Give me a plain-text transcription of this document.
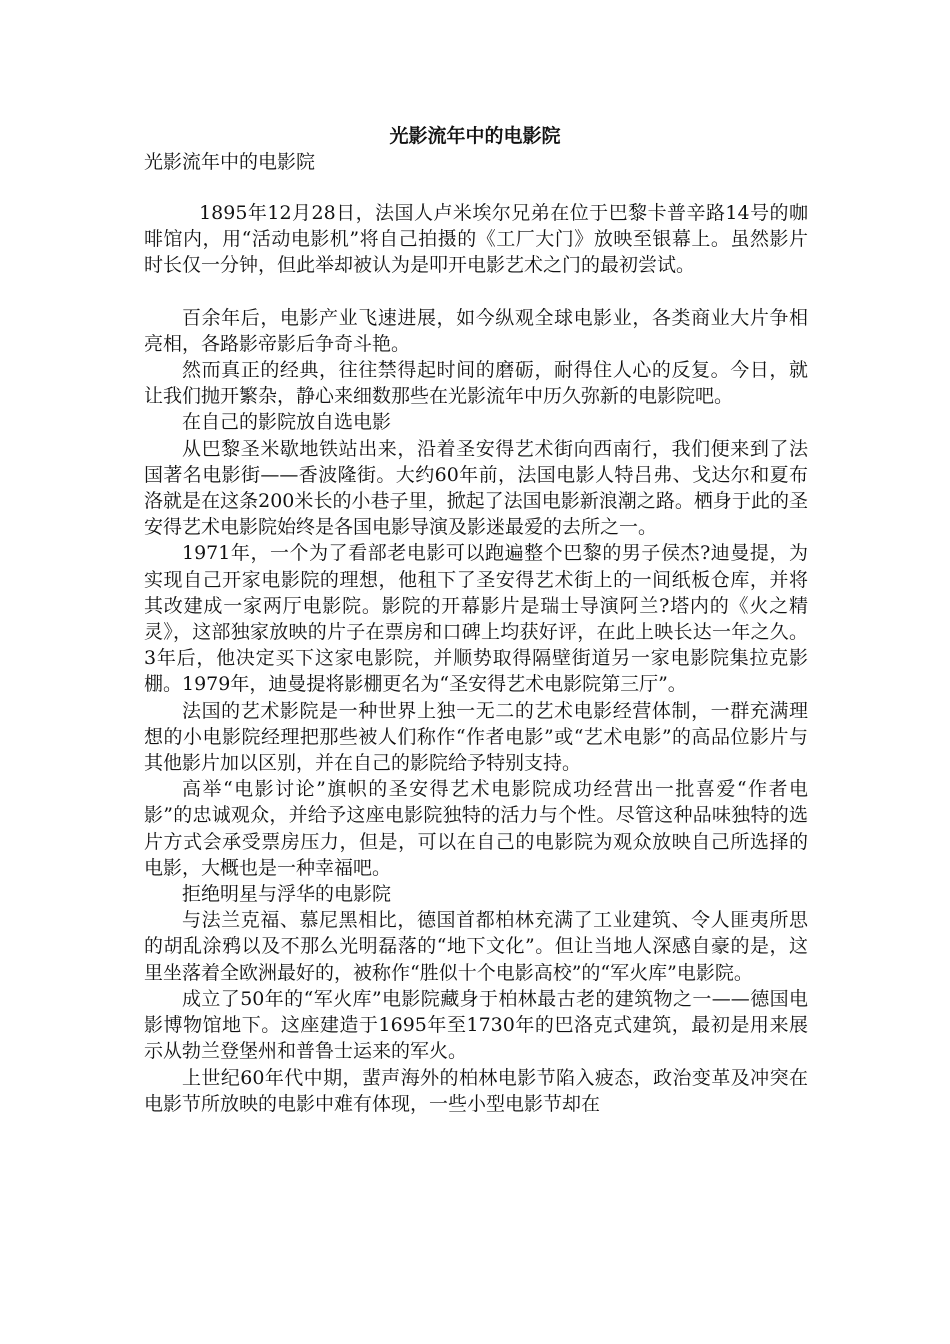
光影流年中的电影院
光影流年中的电影院

1895年12月28日，法国人卢米埃尔兄弟在位于巴黎卡普辛路14号的咖啡馆内，用“活动电影机”将自己拍摄的《工厂大门》放映至银幕上。虽然影片时长仅一分钟，但此举却被认为是叩开电影艺术之门的最初尝试。

百余年后，电影产业飞速进展，如今纵观全球电影业，各类商业大片争相亮相，各路影帝影后争奇斗艳。

然而真正的经典，往往禁得起时间的磨砺，耐得住人心的反复。今日，就让我们抛开繁杂，静心来细数那些在光影流年中历久弥新的电影院吧。

在自己的影院放自选电影

从巴黎圣米歇地铁站出来，沿着圣安得艺术街向西南行，我们便来到了法国著名电影街——香波隆街。大约60年前，法国电影人特吕弗、戈达尔和夏布洛就是在这条200米长的小巷子里，掀起了法国电影新浪潮之路。栖身于此的圣安得艺术电影院始终是各国电影导演及影迷最爱的去所之一。

1971年，一个为了看部老电影可以跑遍整个巴黎的男子侯杰?迪曼提，为实现自己开家电影院的理想，他租下了圣安得艺术街上的一间纸板仓库，并将其改建成一家两厅电影院。影院的开幕影片是瑞士导演阿兰?塔内的《火之精灵》，这部独家放映的片子在票房和口碑上均获好评，在此上映长达一年之久。3年后，他决定买下这家电影院，并顺势取得隔壁街道另一家电影院集拉克影棚。1979年，迪曼提将影棚更名为“圣安得艺术电影院第三厅”。

法国的艺术影院是一种世界上独一无二的艺术电影经营体制，一群充满理想的小电影院经理把那些被人们称作“作者电影”或“艺术电影”的高品位影片与其他影片加以区别，并在自己的影院给予特别支持。

高举“电影讨论”旗帜的圣安得艺术电影院成功经营出一批喜爱“作者电影”的忠诚观众，并给予这座电影院独特的活力与个性。尽管这种品味独特的选片方式会承受票房压力，但是，可以在自己的电影院为观众放映自己所选择的电影，大概也是一种幸福吧。

拒绝明星与浮华的电影院

与法兰克福、慕尼黑相比，德国首都柏林充满了工业建筑、令人匪夷所思的胡乱涂鸦以及不那么光明磊落的“地下文化”。但让当地人深感自豪的是，这里坐落着全欧洲最好的，被称作“胜似十个电影高校”的“军火库”电影院。

成立了50年的“军火库”电影院藏身于柏林最古老的建筑物之一——德国电影博物馆地下。这座建造于1695年至1730年的巴洛克式建筑，最初是用来展示从勃兰登堡州和普鲁士运来的军火。

上世纪60年代中期，蜚声海外的柏林电影节陷入疲态，政治变革及冲突在电影节所放映的电影中难有体现，一些小型电影节却在
